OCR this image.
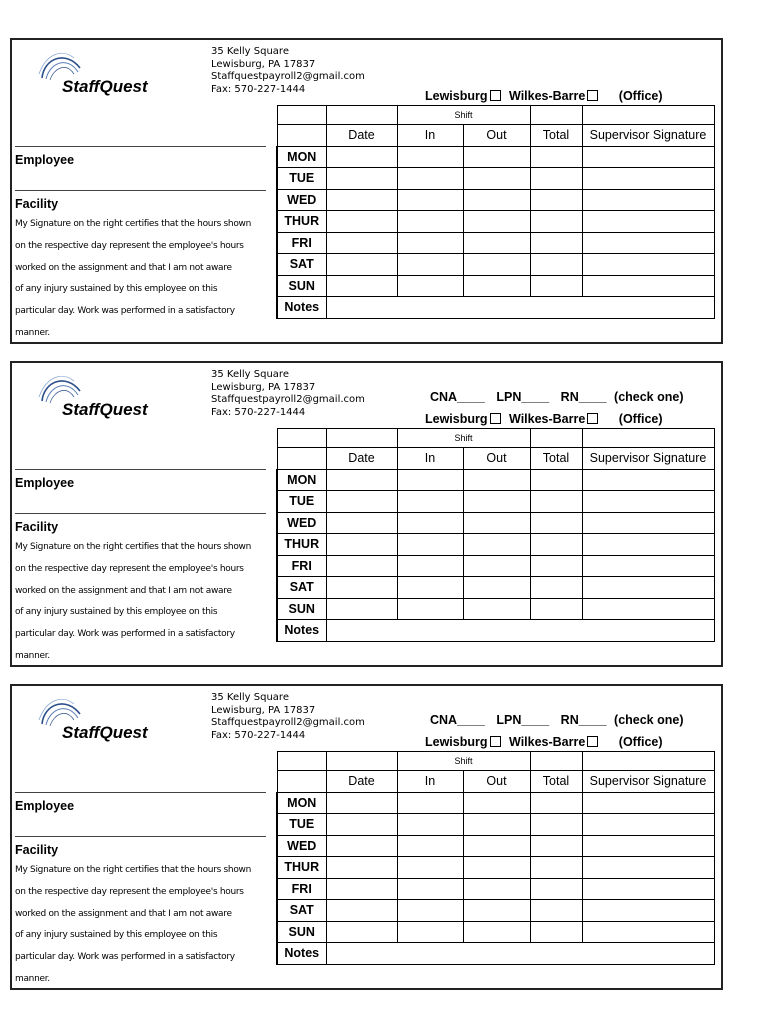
StaffQuest
35 Kelly Square
Lewisburg, PA 17837
Staffquestpayroll2@gmail.com
Fax: 570-227-1444	Lewisburg Wilkes-Barre	(Office)
Employee
Facility
My Signature on the right certifies that the hours shown
on the respective day represent the employee's hours
worked on the assignment and that I am not aware
of any injury sustained by this employee on this
particular day. Work was performed in a satisfactory
manner.
		Shift			
	Date	In	Out	Total	Supervisor Signature
MON					
TUE					
WED					
THUR					
FRI					
SAT					
SUN					
Notes					
StaffQuest
35 Kelly Square
Lewisburg, PA 17837
Staffquestpayroll2@gmail.com
Fax: 570-227-1444
CNA____ LPN____ RN____ (check one)
Lewisburg Wilkes-Barre	(Office)
Employee
Facility
My Signature on the right certifies that the hours shown
on the respective day represent the employee's hours
worked on the assignment and that I am not aware
of any injury sustained by this employee on this
particular day. Work was performed in a satisfactory
manner.
		Shift			
	Date	In	Out	Total	Supervisor Signature
MON					
TUE					
WED					
THUR					
FRI					
SAT					
SUN					
Notes					
StaffQuest
35 Kelly Square
Lewisburg, PA 17837
Staffquestpayroll2@gmail.com
Fax: 570-227-1444
CNA____ LPN____ RN____ (check one)
Lewisburg Wilkes-Barre	(Office)
Employee
Facility
My Signature on the right certifies that the hours shown
on the respective day represent the employee's hours
worked on the assignment and that I am not aware
of any injury sustained by this employee on this
particular day. Work was performed in a satisfactory
manner.
		Shift			
	Date	In	Out	Total	Supervisor Signature
MON					
TUE					
WED					
THUR					
FRI					
SAT					
SUN					
Notes					
